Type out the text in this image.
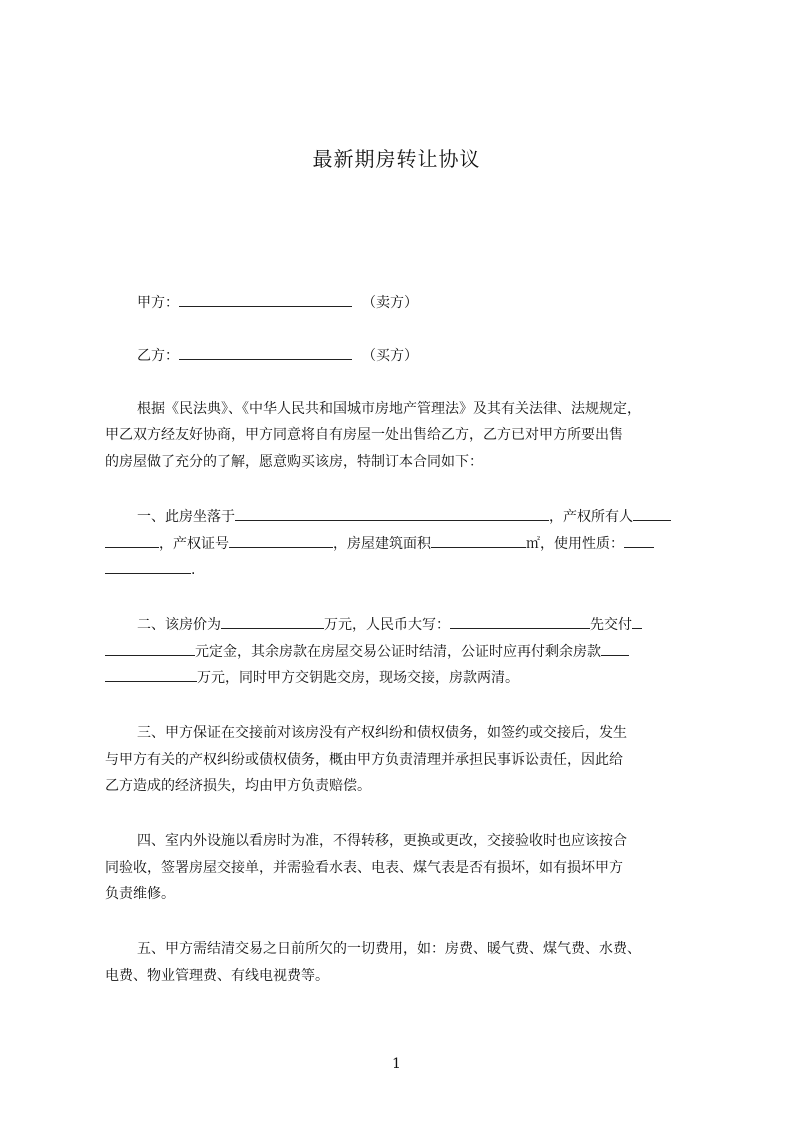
最新期房转让协议
甲方：	（卖方）
乙方：	（买方）
根据《民法典》、《中华人民共和国城市房地产管理法》及其有关法律、法规规定，
甲乙双方经友好协商，甲方同意将自有房屋一处出售给乙方，乙方已对甲方所要出售
的房屋做了充分的了解，愿意购买该房，特制订本合同如下：
一、此房坐落于	，产权所有人
，产权证号	，房屋建筑面积	㎡，使用性质：
.
二、该房价为	万元，人民币大写：	先交付
元定金，其余房款在房屋交易公证时结清，公证时应再付剩余房款
万元，同时甲方交钥匙交房，现场交接，房款两清。
三、甲方保证在交接前对该房没有产权纠纷和债权债务，如签约或交接后，发生
与甲方有关的产权纠纷或债权债务，概由甲方负责清理并承担民事诉讼责任，因此给
乙方造成的经济损失，均由甲方负责赔偿。
四、室内外设施以看房时为准，不得转移，更换或更改，交接验收时也应该按合
同验收，签署房屋交接单，并需验看水表、电表、煤气表是否有损坏，如有损坏甲方
负责维修。
五、甲方需结清交易之日前所欠的一切费用，如：房费、暖气费、煤气费、水费、
电费、物业管理费、有线电视费等。
1
